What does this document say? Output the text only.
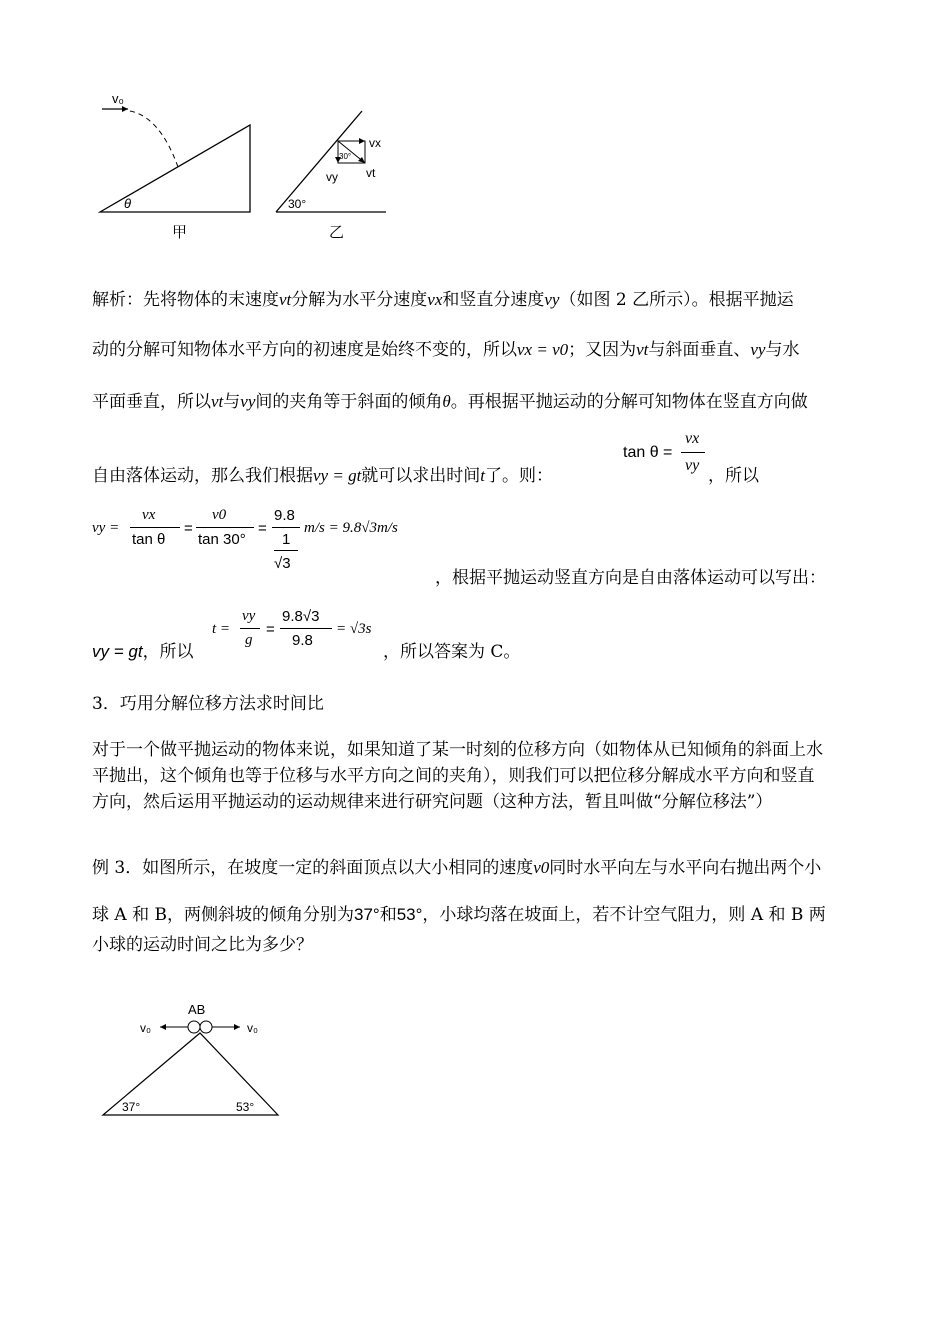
v₀
θ
甲
30°
30°
vx
vt
vy
乙
解析：先将物体的末速度vt分解为水平分速度vx和竖直分速度vy（如图 2 乙所示）。根据平抛运
动的分解可知物体水平方向的初速度是始终不变的，所以vx = v0；又因为vt与斜面垂直、vy与水
平面垂直，所以vt与vy间的夹角等于斜面的倾角θ。再根据平抛运动的分解可知物体在竖直方向做
tan θ =
vx
vy
自由落体运动，那么我们根据vy = gt就可以求出时间t了。则：	，所以
vy =
vx
tan θ
=
v0
tan 30°
=
9.8
1
√3
m/s = 9.8√3m/s
，根据平抛运动竖直方向是自由落体运动可以写出：
vy = gt，所以
t =
vy
g
=
9.8√3
9.8
= √3s
，所以答案为 C。
3．巧用分解位移方法求时间比
对于一个做平抛运动的物体来说，如果知道了某一时刻的位移方向（如物体从已知倾角的斜面上水
平抛出，这个倾角也等于位移与水平方向之间的夹角），则我们可以把位移分解成水平方向和竖直
方向，然后运用平抛运动的运动规律来进行研究问题（这种方法，暂且叫做“分解位移法”）
例 3．如图所示，在坡度一定的斜面顶点以大小相同的速度v0同时水平向左与水平向右抛出两个小
球 A 和 B，两侧斜坡的倾角分别为37°和53°，小球均落在坡面上，若不计空气阻力，则 A 和 B 两
小球的运动时间之比为多少？
AB
v₀	v₀
37°	53°
